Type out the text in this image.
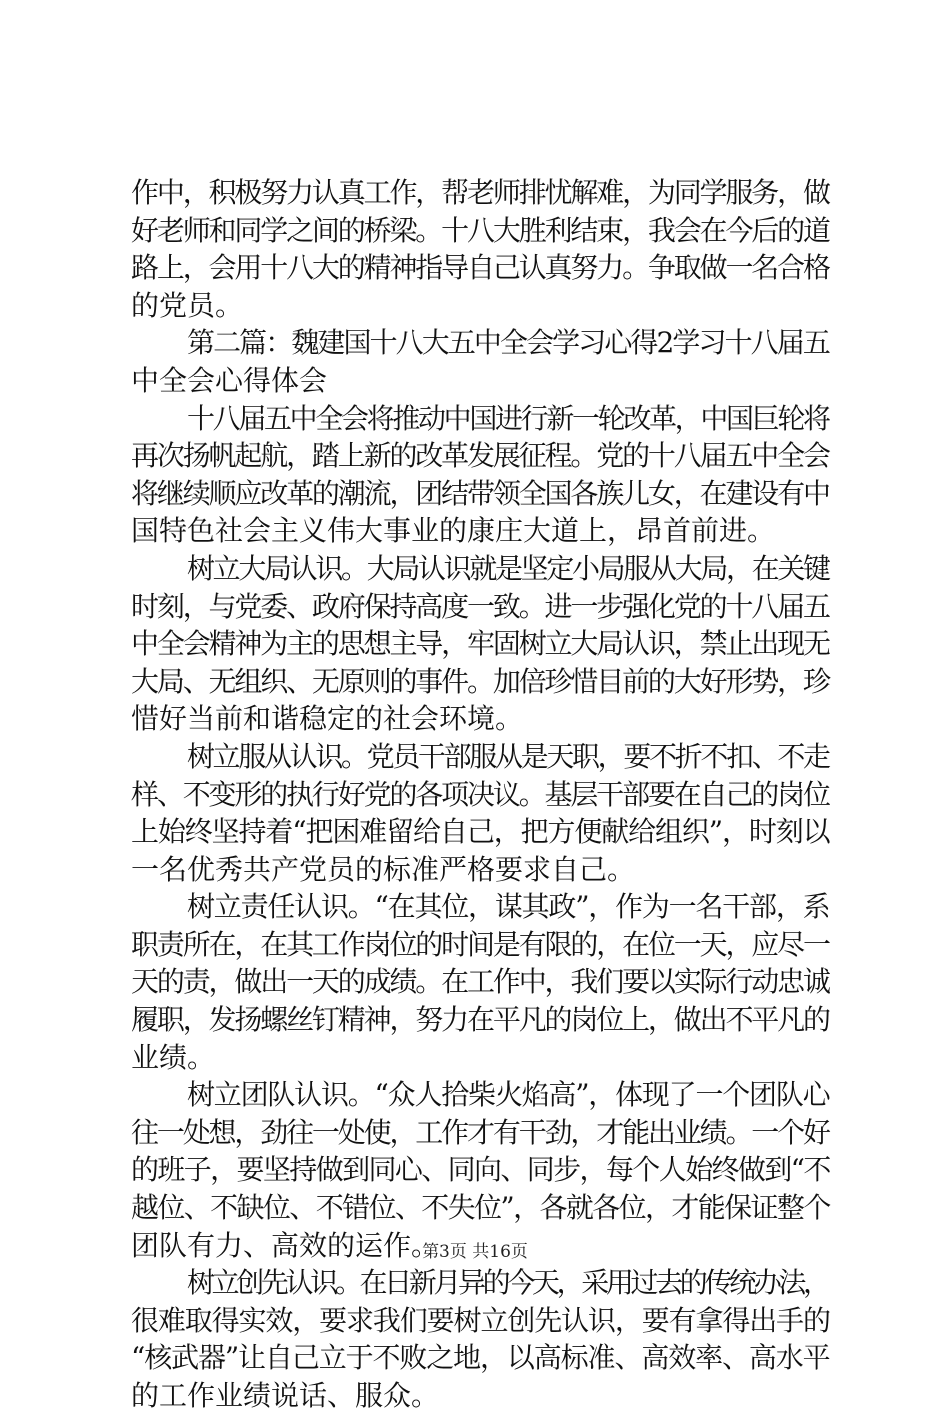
作中，积极努力认真工作，帮老师排忧解难，为同学服务，做
好老师和同学之间的桥梁。十八大胜利结束，我会在今后的道
路上，会用十八大的精神指导自己认真努力。争取做一名合格
的党员。
第二篇：魏建国十八大五中全会学习心得2学习十八届五
中全会心得体会
十八届五中全会将推动中国进行新一轮改革，中国巨轮将
再次扬帆起航，踏上新的改革发展征程。党的十八届五中全会
将继续顺应改革的潮流，团结带领全国各族儿女，在建设有中
国特色社会主义伟大事业的康庄大道上，昂首前进。
树立大局认识。大局认识就是坚定小局服从大局，在关键
时刻，与党委、政府保持高度一致。进一步强化党的十八届五
中全会精神为主的思想主导，牢固树立大局认识，禁止出现无
大局、无组织、无原则的事件。加倍珍惜目前的大好形势，珍
惜好当前和谐稳定的社会环境。
树立服从认识。党员干部服从是天职，要不折不扣、不走
样、不变形的执行好党的各项决议。基层干部要在自己的岗位
上始终坚持着“把困难留给自己，把方便献给组织”，时刻以
一名优秀共产党员的标准严格要求自己。
树立责任认识。“在其位，谋其政”，作为一名干部，系
职责所在，在其工作岗位的时间是有限的，在位一天，应尽一
天的责，做出一天的成绩。在工作中，我们要以实际行动忠诚
履职，发扬螺丝钉精神，努力在平凡的岗位上，做出不平凡的
业绩。
树立团队认识。“众人拾柴火焰高”，体现了一个团队心
往一处想，劲往一处使，工作才有干劲，才能出业绩。一个好
的班子，要坚持做到同心、同向、同步，每个人始终做到“不
越位、不缺位、不错位、不失位”，各就各位，才能保证整个
团队有力、高效的运作。
树立创先认识。在日新月异的今天，采用过去的传统办法，
很难取得实效，要求我们要树立创先认识，要有拿得出手的
“核武器”让自己立于不败之地，以高标准、高效率、高水平
的工作业绩说话、服众。
第3页 共16页
